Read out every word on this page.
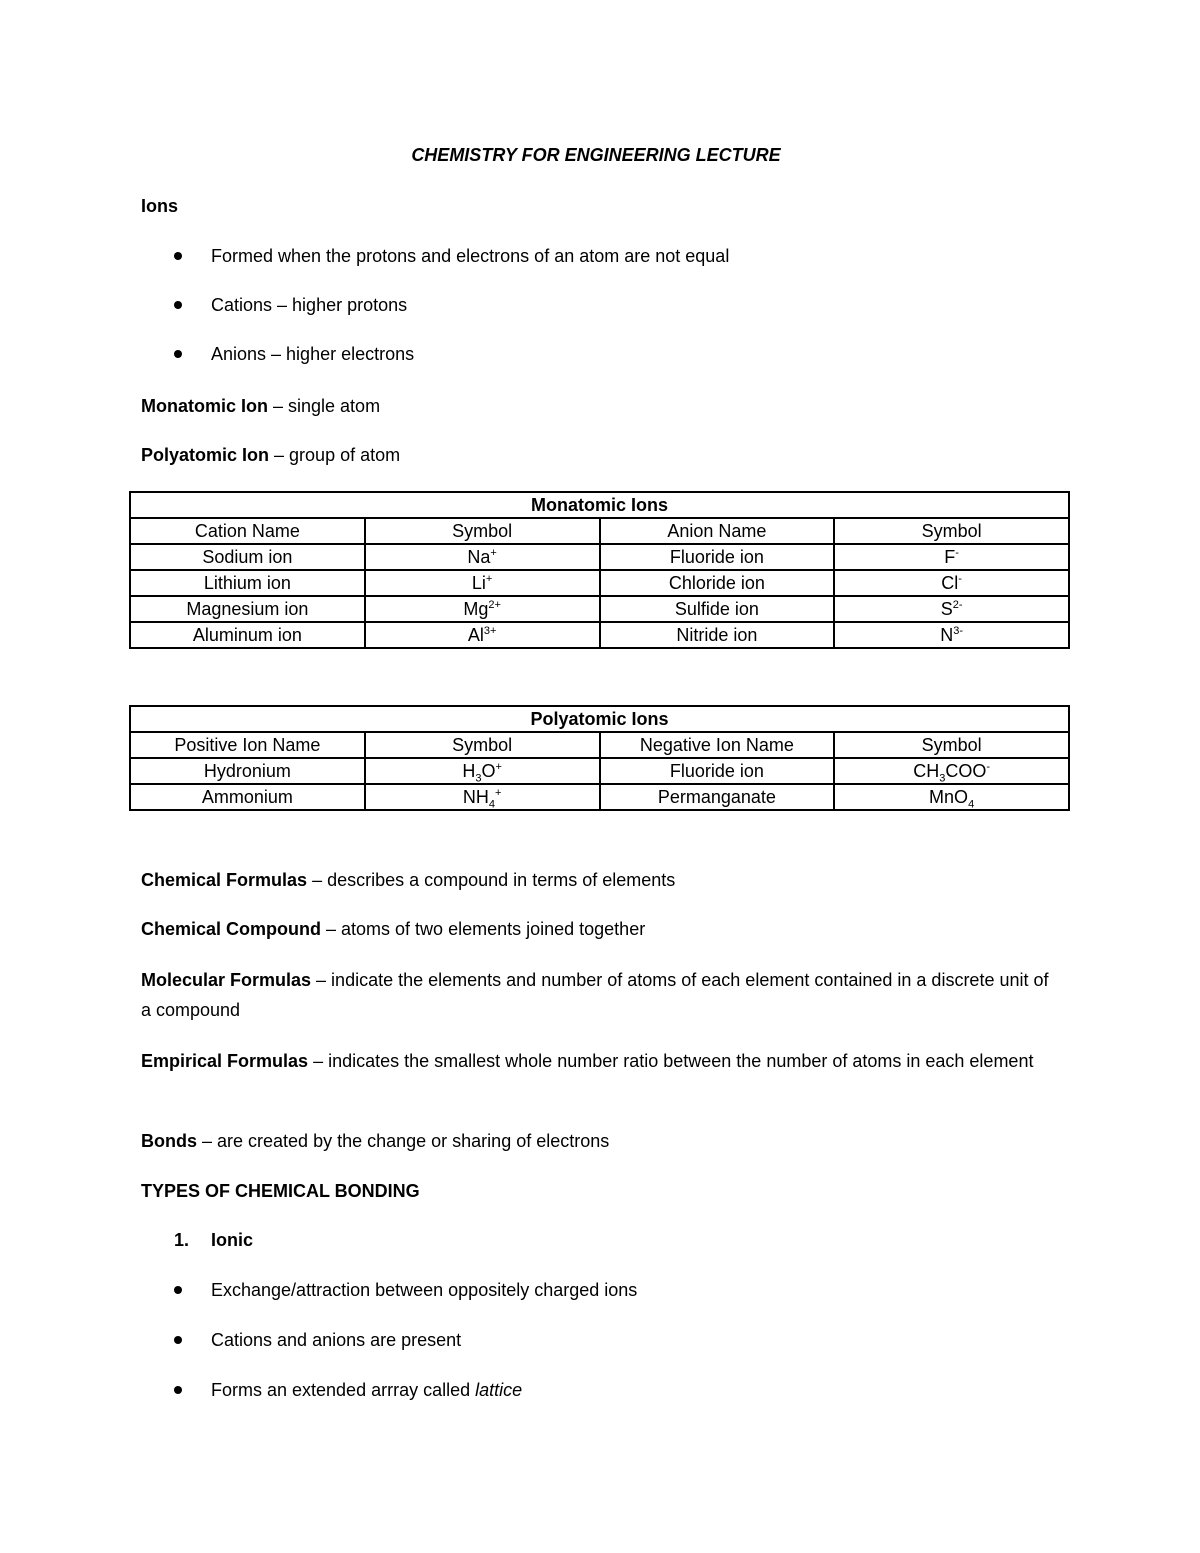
CHEMISTRY FOR ENGINEERING LECTURE
Ions
Formed when the protons and electrons of an atom are not equal
Cations – higher protons
Anions – higher electrons
Monatomic Ion – single atom
Polyatomic Ion – group of atom
Monatomic Ions			
Cation Name	Symbol	Anion Name	Symbol
Sodium ion	Na+	Fluoride ion	F-
Lithium ion	Li+	Chloride ion	Cl-
Magnesium ion	$Mg^{2+}$	Sulfide ion	$S^{2-}$
Aluminum ion	$Al^{3+}$	Nitride ion	$N^{3-}$
Polyatomic Ions			
Positive Ion Name	Symbol	Negative Ion Name	Symbol
Hydronium	$H_3O^+$	Fluoride ion	$CH_3COO^-$
Ammonium	$NH_4^+$	Permanganate	MnO$_4$
Chemical Formulas – describes a compound in terms of elements
Chemical Compound – atoms of two elements joined together
Molecular Formulas – indicate the elements and number of atoms of each element contained in a discrete unit of a compound
Empirical Formulas – indicates the smallest whole number ratio between the number of atoms in each element
Bonds – are created by the change or sharing of electrons
TYPES OF CHEMICAL BONDING
1. Ionic
Exchange/attraction between oppositely charged ions
Cations and anions are present
Forms an extended arrray called lattice
